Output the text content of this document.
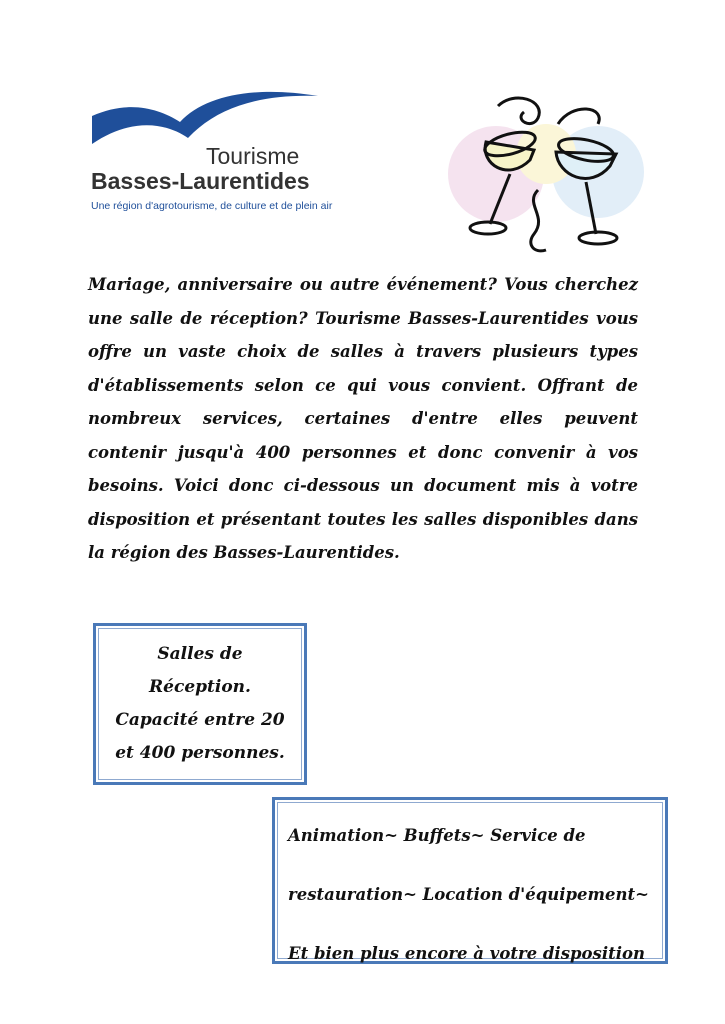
Tourisme
Basses-Laurentides
Une région d'agrotourisme, de culture et de plein air

Mariage, anniversaire ou autre événement? Vous cherchez une salle de réception? Tourisme Basses-Laurentides vous offre un vaste choix de salles à travers plusieurs types d'établissements selon ce qui vous convient. Offrant de nombreux services, certaines d'entre elles peuvent contenir jusqu'à 400 personnes et donc convenir à vos besoins. Voici donc ci-dessous un document mis à votre disposition et présentant toutes les salles disponibles dans la région des Basses-Laurentides.

Salles de
Réception.
Capacité entre 20
et 400 personnes.

Animation~ Buffets~ Service de

restauration~ Location d'équipement~

Et bien plus encore à votre disposition
